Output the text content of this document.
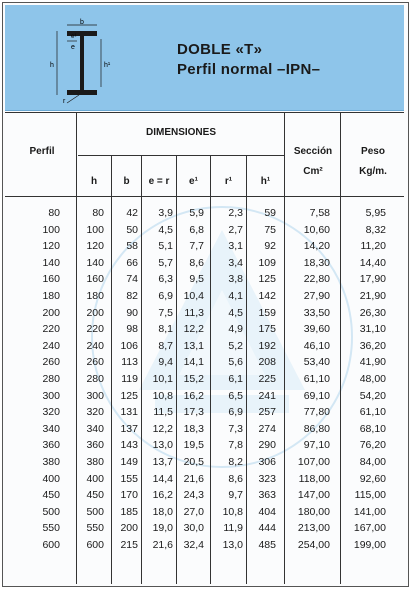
b
e
e¹
h	h¹
r
DOBLE «T»
Perfil normal –IPN–
DIMENSIONES
Perfil	Sección
Cm²
Peso
Kg/m.
h	b	e = r	e¹	r¹	h¹
80	80	42	3,9	5,9	2,3	59	7,58	5,95
100	100	50	4,5	6,8	2,7	75	10,60	8,32
120	120	58	5,1	7,7	3,1	92	14,20	11,20
140	140	66	5,7	8,6	3,4	109	18,30	14,40
160	160	74	6,3	9,5	3,8	125	22,80	17,90
180	180	82	6,9	10,4	4,1	142	27,90	21,90
200	200	90	7,5	11,3	4,5	159	33,50	26,30
220	220	98	8,1	12,2	4,9	175	39,60	31,10
240	240	106	8,7	13,1	5,2	192	46,10	36,20
260	260	113	9,4	14,1	5,6	208	53,40	41,90
280	280	119	10,1	15,2	6,1	225	61,10	48,00
300	300	125	10,8	16,2	6,5	241	69,10	54,20
320	320	131	11,5	17,3	6,9	257	77,80	61,10
340	340	137	12,2	18,3	7,3	274	86,80	68,10
360	360	143	13,0	19,5	7,8	290	97,10	76,20
380	380	149	13,7	20,5	8,2	306	107,00	84,00
400	400	155	14,4	21,6	8,6	323	118,00	92,60
450	450	170	16,2	24,3	9,7	363	147,00	115,00
500	500	185	18,0	27,0	10,8	404	180,00	141,00
550	550	200	19,0	30,0	11,9	444	213,00	167,00
600	600	215	21,6	32,4	13,0	485	254,00	199,00
